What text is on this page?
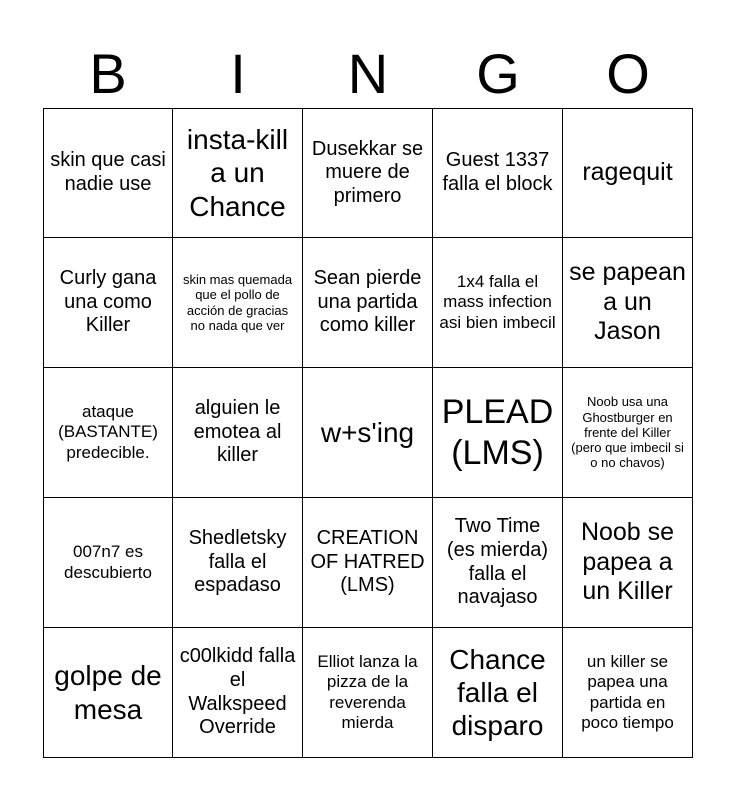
B	I	N	G	O
skin que casi nadie use
insta-kill a un Chance
Dusekkar se muere de primero
Guest 1337 falla el block ragequit
Curly gana una como Killer
skin mas quemada que el pollo de acción de gracias no nada que ver
Sean pierde una partida como killer
1x4 falla el mass infection asi bien imbecil
se papean a un Jason
ataque (BASTANTE) predecible.
alguien le emotea al killer
w+s'ing
PLEAD (LMS)
Noob usa una Ghostburger en frente del Killer (pero que imbecil si o no chavos)
007n7 es descubierto
Shedletsky falla el espadaso
CREATION OF HATRED (LMS)
Two Time (es mierda) falla el navajaso
Noob se papea a un Killer
golpe de mesa
c00lkidd falla el Walkspeed Override
Elliot lanza la pizza de la reverenda mierda
Chance falla el disparo
un killer se papea una partida en poco tiempo
